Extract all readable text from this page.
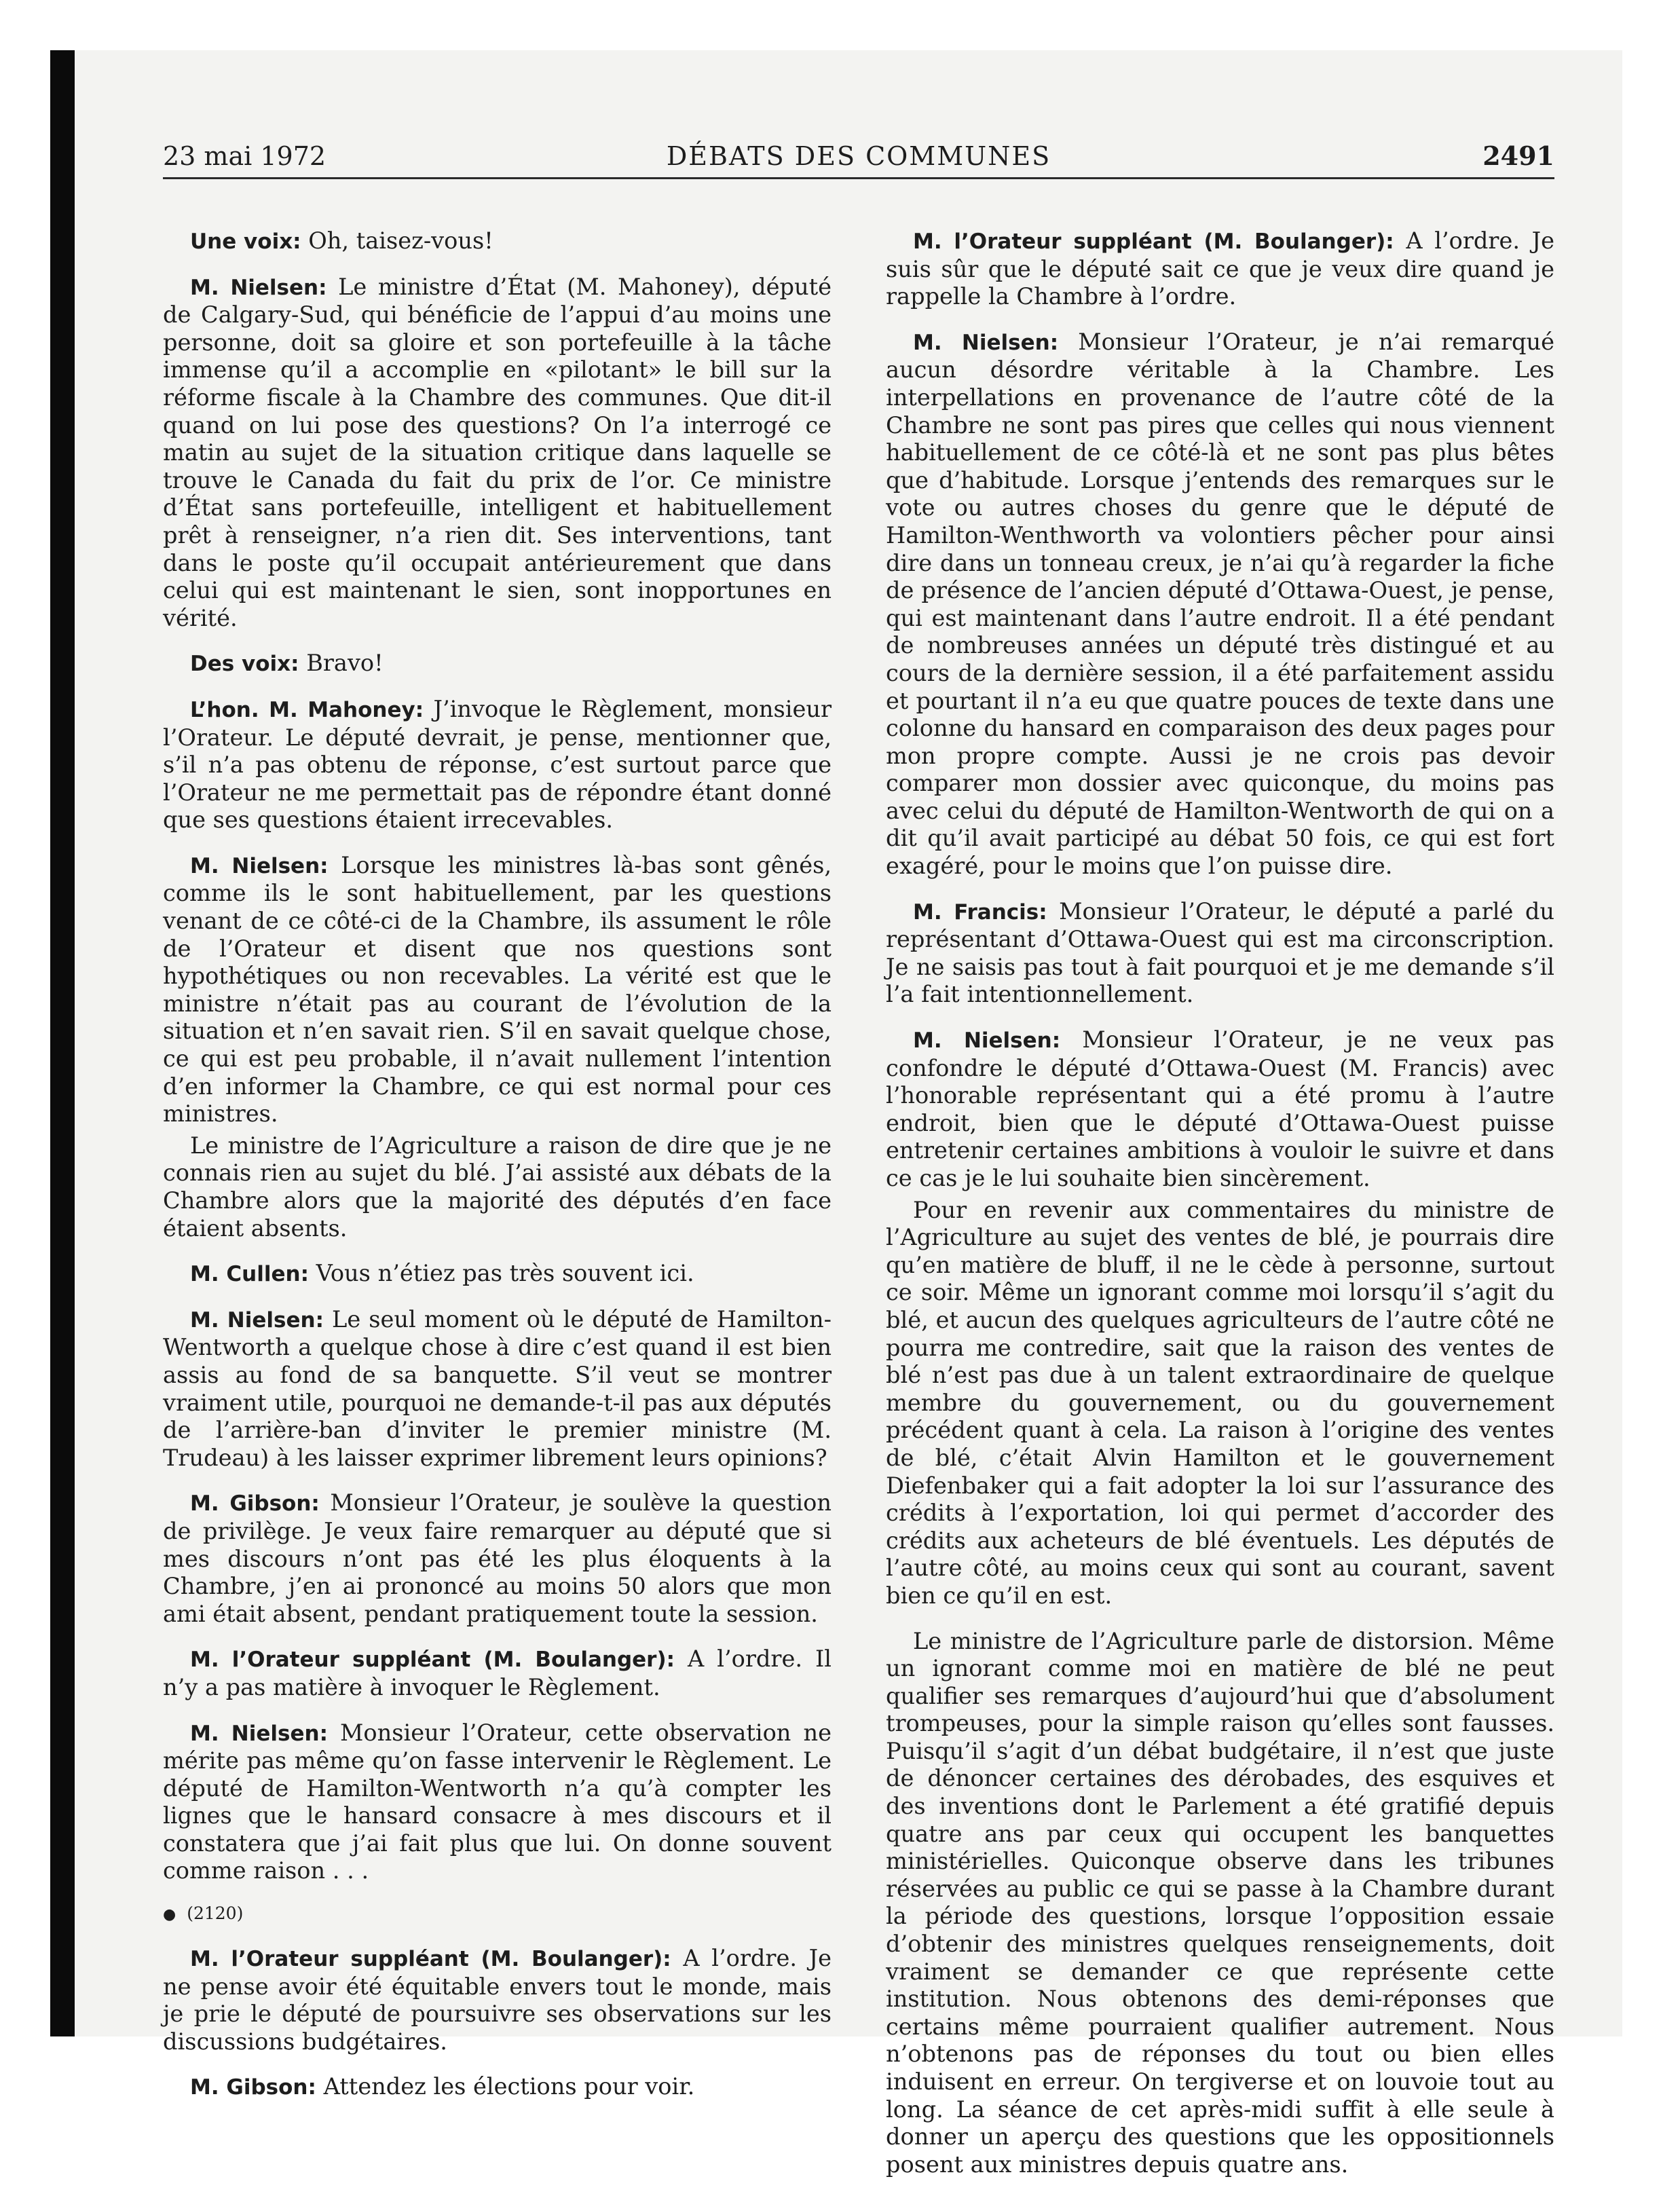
DÉBATS DES COMMUNES
23 mai 1972	2491

Une voix: Oh, taisez-vous!

M. Nielsen: Le ministre d’État (M. Mahoney), député de Calgary-Sud, qui bénéficie de l’appui d’au moins une personne, doit sa gloire et son portefeuille à la tâche immense qu’il a accomplie en «pilotant» le bill sur la réforme fiscale à la Chambre des communes. Que dit-il quand on lui pose des questions? On l’a interrogé ce matin au sujet de la situation critique dans laquelle se trouve le Canada du fait du prix de l’or. Ce ministre d’État sans portefeuille, intelligent et habituellement prêt à renseigner, n’a rien dit. Ses interventions, tant dans le poste qu’il occupait antérieurement que dans celui qui est maintenant le sien, sont inopportunes en vérité.

Des voix: Bravo!

L’hon. M. Mahoney: J’invoque le Règlement, monsieur l’Orateur. Le député devrait, je pense, mentionner que, s’il n’a pas obtenu de réponse, c’est surtout parce que l’Orateur ne me permettait pas de répondre étant donné que ses questions étaient irrecevables.

M. Nielsen: Lorsque les ministres là-bas sont gênés, comme ils le sont habituellement, par les questions venant de ce côté-ci de la Chambre, ils assument le rôle de l’Orateur et disent que nos questions sont hypothétiques ou non recevables. La vérité est que le ministre n’était pas au courant de l’évolution de la situation et n’en savait rien. S’il en savait quelque chose, ce qui est peu probable, il n’avait nullement l’intention d’en informer la Chambre, ce qui est normal pour ces ministres.

Le ministre de l’Agriculture a raison de dire que je ne connais rien au sujet du blé. J’ai assisté aux débats de la Chambre alors que la majorité des députés d’en face étaient absents.

M. Cullen: Vous n’étiez pas très souvent ici.

M. Nielsen: Le seul moment où le député de Hamilton-Wentworth a quelque chose à dire c’est quand il est bien assis au fond de sa banquette. S’il veut se montrer vraiment utile, pourquoi ne demande-t-il pas aux députés de l’arrière-ban d’inviter le premier ministre (M. Trudeau) à les laisser exprimer librement leurs opinions?

M. Gibson: Monsieur l’Orateur, je soulève la question de privilège. Je veux faire remarquer au député que si mes discours n’ont pas été les plus éloquents à la Chambre, j’en ai prononcé au moins 50 alors que mon ami était absent, pendant pratiquement toute la session.

M. l’Orateur suppléant (M. Boulanger): A l’ordre. Il n’y a pas matière à invoquer le Règlement.

M. Nielsen: Monsieur l’Orateur, cette observation ne mérite pas même qu’on fasse intervenir le Règlement. Le député de Hamilton-Wentworth n’a qu’à compter les lignes que le hansard consacre à mes discours et il constatera que j’ai fait plus que lui. On donne souvent comme raison . . .

● (2120)

M. l’Orateur suppléant (M. Boulanger): A l’ordre. Je ne pense avoir été équitable envers tout le monde, mais je prie le député de poursuivre ses observations sur les discussions budgétaires.

M. Gibson: Attendez les élections pour voir.

M. l’Orateur suppléant (M. Boulanger): A l’ordre. Je suis sûr que le député sait ce que je veux dire quand je rappelle la Chambre à l’ordre.

M. Nielsen: Monsieur l’Orateur, je n’ai remarqué aucun désordre véritable à la Chambre. Les interpellations en provenance de l’autre côté de la Chambre ne sont pas pires que celles qui nous viennent habituellement de ce côté-là et ne sont pas plus bêtes que d’habitude. Lorsque j’entends des remarques sur le vote ou autres choses du genre que le député de Hamilton-Wenthworth va volontiers pêcher pour ainsi dire dans un tonneau creux, je n’ai qu’à regarder la fiche de présence de l’ancien député d’Ottawa-Ouest, je pense, qui est maintenant dans l’autre endroit. Il a été pendant de nombreuses années un député très distingué et au cours de la dernière session, il a été parfaitement assidu et pourtant il n’a eu que quatre pouces de texte dans une colonne du hansard en comparaison des deux pages pour mon propre compte. Aussi je ne crois pas devoir comparer mon dossier avec quiconque, du moins pas avec celui du député de Hamilton-Wentworth de qui on a dit qu’il avait participé au débat 50 fois, ce qui est fort exagéré, pour le moins que l’on puisse dire.

M. Francis: Monsieur l’Orateur, le député a parlé du représentant d’Ottawa-Ouest qui est ma circonscription. Je ne saisis pas tout à fait pourquoi et je me demande s’il l’a fait intentionnellement.

M. Nielsen: Monsieur l’Orateur, je ne veux pas confondre le député d’Ottawa-Ouest (M. Francis) avec l’honorable représentant qui a été promu à l’autre endroit, bien que le député d’Ottawa-Ouest puisse entretenir certaines ambitions à vouloir le suivre et dans ce cas je le lui souhaite bien sincèrement.

Pour en revenir aux commentaires du ministre de l’Agriculture au sujet des ventes de blé, je pourrais dire qu’en matière de bluff, il ne le cède à personne, surtout ce soir. Même un ignorant comme moi lorsqu’il s’agit du blé, et aucun des quelques agriculteurs de l’autre côté ne pourra me contredire, sait que la raison des ventes de blé n’est pas due à un talent extraordinaire de quelque membre du gouvernement, ou du gouvernement précédent quant à cela. La raison à l’origine des ventes de blé, c’était Alvin Hamilton et le gouvernement Diefenbaker qui a fait adopter la loi sur l’assurance des crédits à l’exportation, loi qui permet d’accorder des crédits aux acheteurs de blé éventuels. Les députés de l’autre côté, au moins ceux qui sont au courant, savent bien ce qu’il en est.

Le ministre de l’Agriculture parle de distorsion. Même un ignorant comme moi en matière de blé ne peut qualifier ses remarques d’aujourd’hui que d’absolument trompeuses, pour la simple raison qu’elles sont fausses. Puisqu’il s’agit d’un débat budgétaire, il n’est que juste de dénoncer certaines des dérobades, des esquives et des inventions dont le Parlement a été gratifié depuis quatre ans par ceux qui occupent les banquettes ministérielles. Quiconque observe dans les tribunes réservées au public ce qui se passe à la Chambre durant la période des questions, lorsque l’opposition essaie d’obtenir des ministres quelques renseignements, doit vraiment se demander ce que représente cette institution. Nous obtenons des demi-réponses que certains même pourraient qualifier autrement. Nous n’obtenons pas de réponses du tout ou bien elles induisent en erreur. On tergiverse et on louvoie tout au long. La séance de cet après-midi suffit à elle seule à donner un aperçu des questions que les oppositionnels posent aux ministres depuis quatre ans.
